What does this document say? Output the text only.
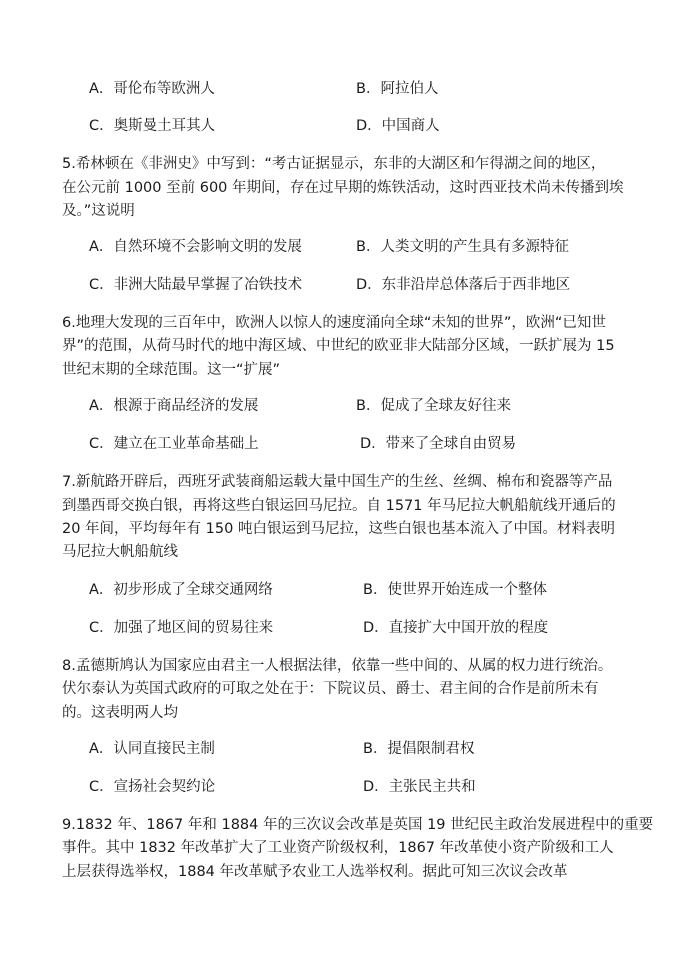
A．哥伦布等欧洲人	B．阿拉伯人
C．奥斯曼土耳其人	D．中国商人
5.希林顿在《非洲史》中写到：“考古证据显示，东非的大湖区和乍得湖之间的地区，
在公元前 1000 至前 600 年期间，存在过早期的炼铁活动，这时西亚技术尚未传播到埃
及。”这说明
A．自然环境不会影响文明的发展	B．人类文明的产生具有多源特征
C．非洲大陆最早掌握了冶铁技术	D．东非沿岸总体落后于西非地区
6.地理大发现的三百年中，欧洲人以惊人的速度涌向全球“未知的世界”，欧洲“已知世
界”的范围，从荷马时代的地中海区域、中世纪的欧亚非大陆部分区域，一跃扩展为 15
世纪末期的全球范围。这一“扩展”
A．根源于商品经济的发展	B．促成了全球友好往来
C．建立在工业革命基础上	D．带来了全球自由贸易
7.新航路开辟后，西班牙武装商船运载大量中国生产的生丝、丝绸、棉布和瓷器等产品
到墨西哥交换白银，再将这些白银运回马尼拉。自 1571 年马尼拉大帆船航线开通后的
20 年间，平均每年有 150 吨白银运到马尼拉，这些白银也基本流入了中国。材料表明
马尼拉大帆船航线
A．初步形成了全球交通网络	B．使世界开始连成一个整体
C．加强了地区间的贸易往来	D．直接扩大中国开放的程度
8.孟德斯鸠认为国家应由君主一人根据法律，依靠一些中间的、从属的权力进行统治。
伏尔泰认为英国式政府的可取之处在于：下院议员、爵士、君主间的合作是前所未有
的。这表明两人均
A．认同直接民主制	B．提倡限制君权
C．宣扬社会契约论	D．主张民主共和
9.1832 年、1867 年和 1884 年的三次议会改革是英国 19 世纪民主政治发展进程中的重要
事件。其中 1832 年改革扩大了工业资产阶级权利，1867 年改革使小资产阶级和工人
上层获得选举权，1884 年改革赋予农业工人选举权利。据此可知三次议会改革
